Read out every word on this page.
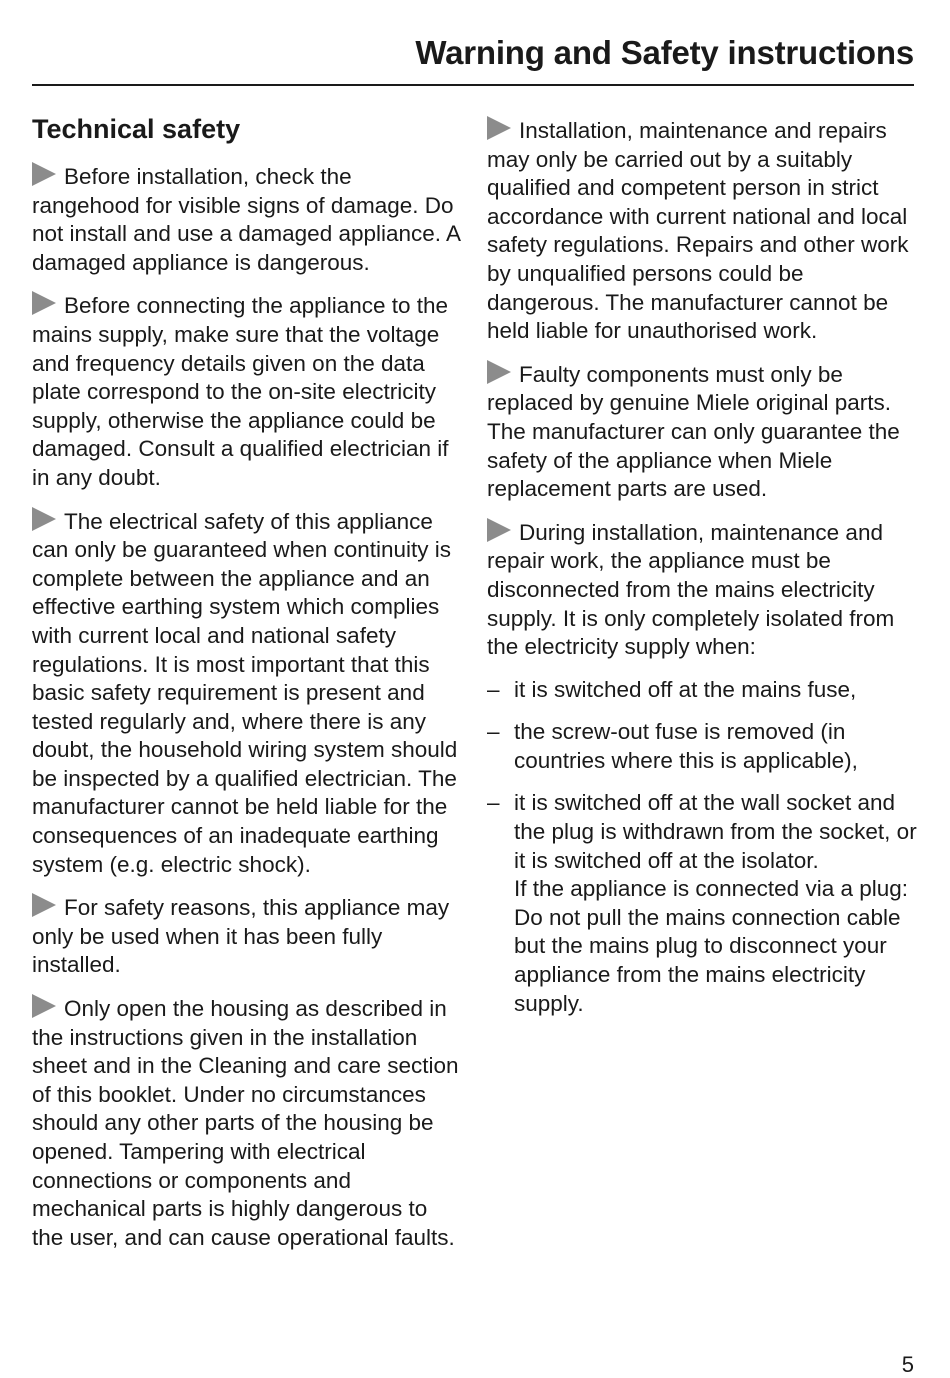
Warning and Safety instructions
Technical safety

Before installation, check the rangehood for visible signs of damage. Do not install and use a damaged appliance. A damaged appliance is dangerous.

Before connecting the appliance to the mains supply, make sure that the voltage and frequency details given on the data plate correspond to the on-site electricity supply, otherwise the appliance could be damaged. Consult a qualified electrician if in any doubt.

The electrical safety of this appliance can only be guaranteed when continuity is complete between the appliance and an effective earthing system which complies with current local and national safety regulations. It is most important that this basic safety requirement is present and tested regularly and, where there is any doubt, the household wiring system should be inspected by a qualified electrician. The manufacturer cannot be held liable for the consequences of an inadequate earthing system (e.g. electric shock).

For safety reasons, this appliance may only be used when it has been fully installed.

Only open the housing as described in the instructions given in the installation sheet and in the Cleaning and care section of this booklet. Under no circumstances should any other parts of the housing be opened. Tampering with electrical connections or components and mechanical parts is highly dangerous to the user, and can cause operational faults.

Installation, maintenance and repairs may only be carried out by a suitably qualified and competent person in strict accordance with current national and local safety regulations. Repairs and other work by unqualified persons could be dangerous. The manufacturer cannot be held liable for unauthorised work.

Faulty components must only be replaced by genuine Miele original parts. The manufacturer can only guarantee the safety of the appliance when Miele replacement parts are used.

During installation, maintenance and repair work, the appliance must be disconnected from the mains electricity supply. It is only completely isolated from the electricity supply when:

– it is switched off at the mains fuse,
– the screw-out fuse is removed (in countries where this is applicable),
– it is switched off at the wall socket and the plug is withdrawn from the socket, or it is switched off at the isolator.
If the appliance is connected via a plug: Do not pull the mains connection cable but the mains plug to disconnect your appliance from the mains electricity supply.
5
